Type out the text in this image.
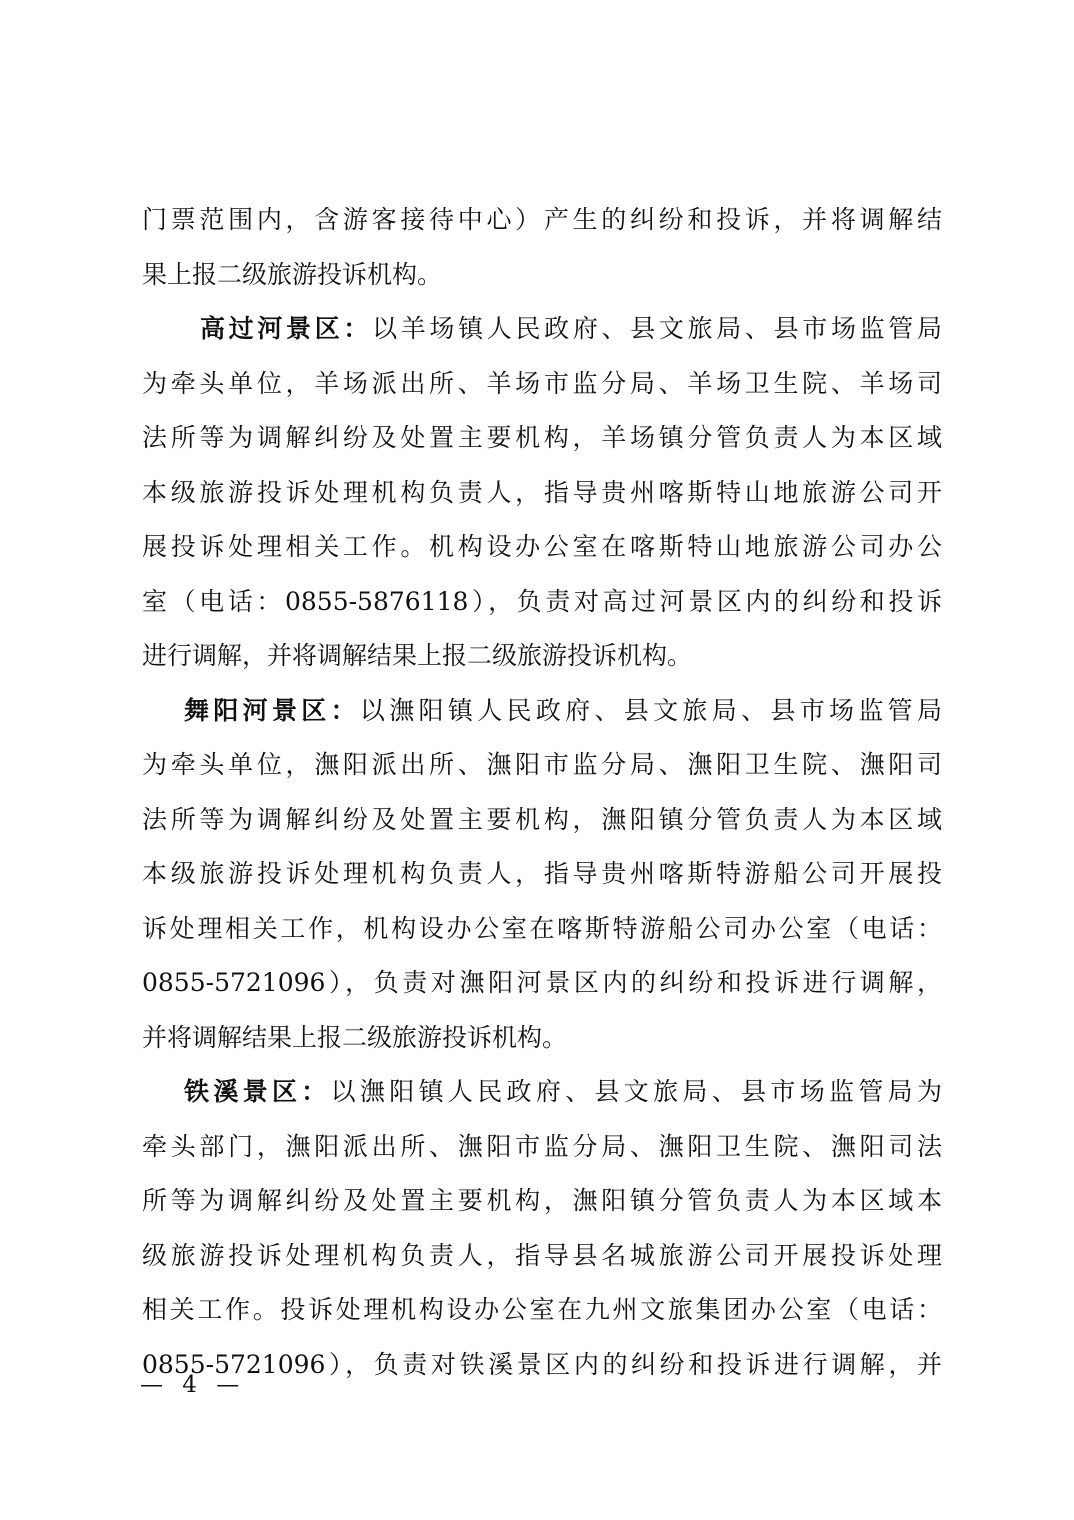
门票范围内，含游客接待中心）产生的纠纷和投诉，并将调解结
果上报二级旅游投诉机构。
高过河景区：以羊场镇人民政府、县文旅局、县市场监管局
为牵头单位，羊场派出所、羊场市监分局、羊场卫生院、羊场司
法所等为调解纠纷及处置主要机构，羊场镇分管负责人为本区域
本级旅游投诉处理机构负责人，指导贵州喀斯特山地旅游公司开
展投诉处理相关工作。机构设办公室在喀斯特山地旅游公司办公
室（电话：0855-5876118），负责对高过河景区内的纠纷和投诉
进行调解，并将调解结果上报二级旅游投诉机构。
舞阳河景区：以潕阳镇人民政府、县文旅局、县市场监管局
为牵头单位，潕阳派出所、潕阳市监分局、潕阳卫生院、潕阳司
法所等为调解纠纷及处置主要机构，潕阳镇分管负责人为本区域
本级旅游投诉处理机构负责人，指导贵州喀斯特游船公司开展投
诉处理相关工作，机构设办公室在喀斯特游船公司办公室（电话：
0855-5721096），负责对潕阳河景区内的纠纷和投诉进行调解，
并将调解结果上报二级旅游投诉机构。
铁溪景区：以潕阳镇人民政府、县文旅局、县市场监管局为
牵头部门，潕阳派出所、潕阳市监分局、潕阳卫生院、潕阳司法
所等为调解纠纷及处置主要机构，潕阳镇分管负责人为本区域本
级旅游投诉处理机构负责人，指导县名城旅游公司开展投诉处理
相关工作。投诉处理机构设办公室在九州文旅集团办公室（电话：
0855-5721096），负责对铁溪景区内的纠纷和投诉进行调解，并
— 4 —
